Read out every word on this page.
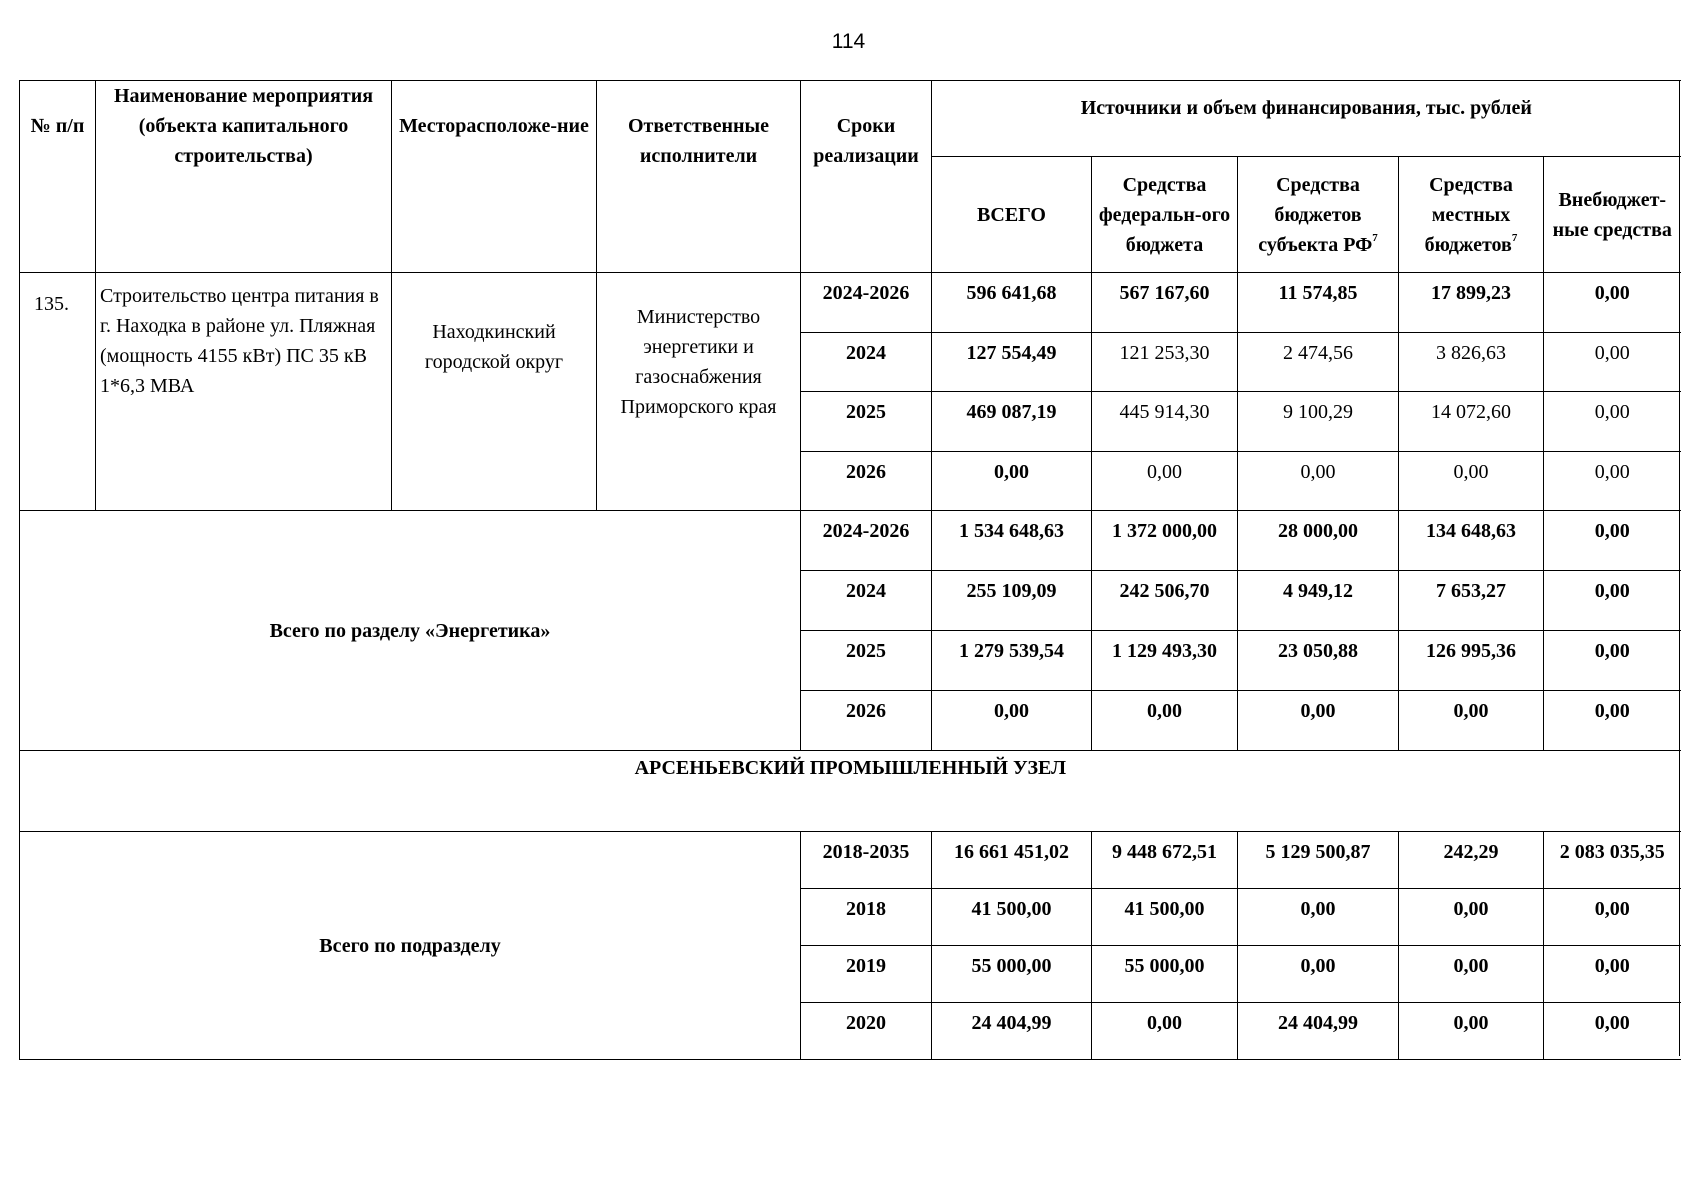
114
№ п/п	Наименование мероприятия (объекта капитального строительства)	Месторасположе-ние	Ответственные исполнители	Сроки реализации	Источники и объем финансирования, тыс. рублей				
					ВСЕГО	Средства федеральн-ого бюджета	Средства бюджетов субъекта $РФ^7$	Средства местных бюджетов$^7$	Внебюджет-ные средства
135.	Строительство центра питания в г. Находка в районе ул. Пляжная (мощность 4155 кВт) ПС 35 кВ 1*6,3 МВА	Находкинский городской округ	Министерство энергетики и газоснабжения Приморского края	2024-2026	596 641,68	567 167,60	11 574,85	17 899,23	0,00
				2024	127 554,49	121 253,30	2 474,56	3 826,63	0,00
				2025	469 087,19	445 914,30	9 100,29	14 072,60	0,00
				2026	0,00	0,00	0,00	0,00	0,00
Всего по разделу «Энергетика»				2024-2026	1 534 648,63	1 372 000,00	28 000,00	134 648,63	0,00
				2024	255 109,09	242 506,70	4 949,12	7 653,27	0,00
				2025	1 279 539,54	1 129 493,30	23 050,88	126 995,36	0,00
				2026	0,00	0,00	0,00	0,00	0,00
АРСЕНЬЕВСКИЙ ПРОМЫШЛЕННЫЙ УЗЕЛ									
Всего по подразделу				2018-2035	16 661 451,02	9 448 672,51	5 129 500,87	242,29	2 083 035,35
				2018	41 500,00	41 500,00	0,00	0,00	0,00
				2019	55 000,00	55 000,00	0,00	0,00	0,00
				2020	24 404,99	0,00	24 404,99	0,00	0,00
